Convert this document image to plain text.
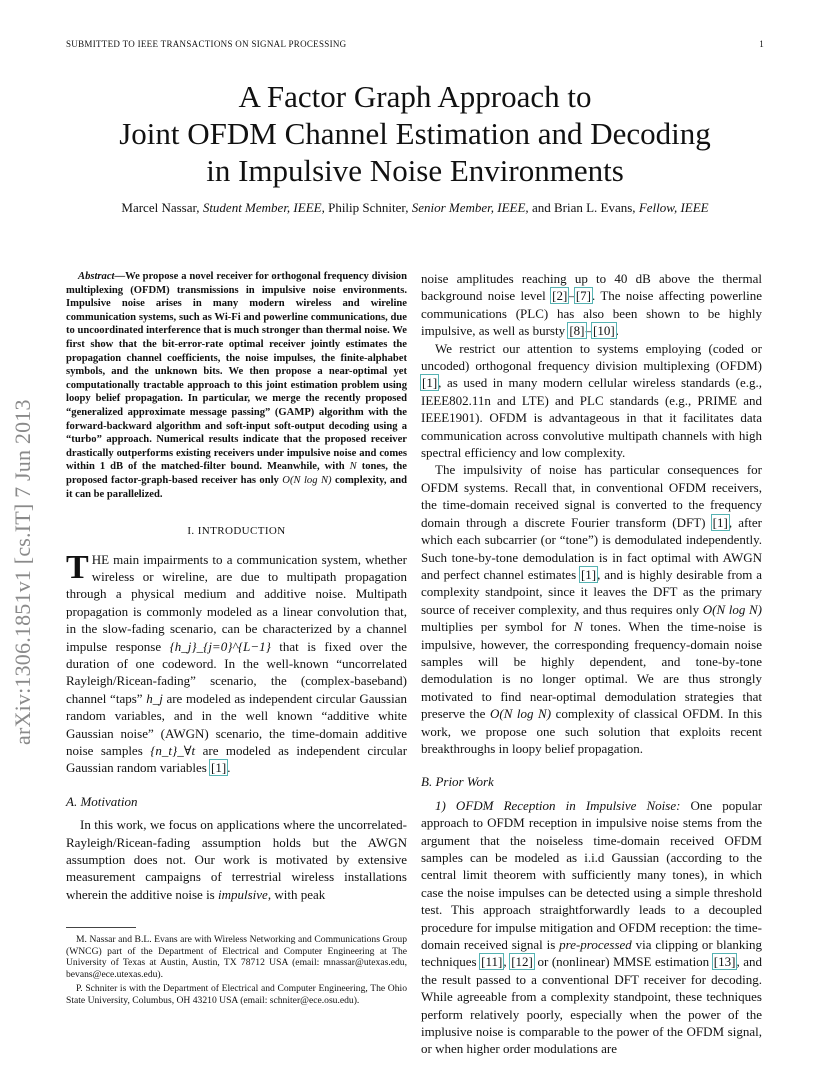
SUBMITTED TO IEEE TRANSACTIONS ON SIGNAL PROCESSING	1
A Factor Graph Approach to
Joint OFDM Channel Estimation and Decoding
in Impulsive Noise Environments
Marcel Nassar, Student Member, IEEE, Philip Schniter, Senior Member, IEEE, and Brian L. Evans, Fellow, IEEE
arXiv:1306.1851v1 [cs.IT] 7 Jun 2013

Abstract—We propose a novel receiver for orthogonal frequency division multiplexing (OFDM) transmissions in impulsive noise environments. Impulsive noise arises in many modern wireless and wireline communication systems, such as Wi-Fi and powerline communications, due to uncoordinated interference that is much stronger than thermal noise. We first show that the bit-error-rate optimal receiver jointly estimates the propagation channel coefficients, the noise impulses, the finite-alphabet symbols, and the unknown bits. We then propose a near-optimal yet computationally tractable approach to this joint estimation problem using loopy belief propagation. In particular, we merge the recently proposed “generalized approximate message passing” (GAMP) algorithm with the forward-backward algorithm and soft-input soft-output decoding using a “turbo” approach. Numerical results indicate that the proposed receiver drastically outperforms existing receivers under impulsive noise and comes within 1 dB of the matched-filter bound. Meanwhile, with N tones, the proposed factor-graph-based receiver has only O(N log N) complexity, and it can be parallelized.

I. INTRODUCTION

THE main impairments to a communication system, whether wireless or wireline, are due to multipath propagation through a physical medium and additive noise. Multipath propagation is commonly modeled as a linear convolution that, in the slow-fading scenario, can be characterized by a channel impulse response {h_j}_{j=0}^{L−1} that is fixed over the duration of one codeword. In the well-known “uncorrelated Rayleigh/Ricean-fading” scenario, the (complex-baseband) channel “taps” h_j are modeled as independent circular Gaussian random variables, and in the well known “additive white Gaussian noise” (AWGN) scenario, the time-domain additive noise samples {n_t}_∀t are modeled as independent circular Gaussian random variables [1].

A. Motivation

In this work, we focus on applications where the uncorrelated-Rayleigh/Ricean-fading assumption holds but the AWGN assumption does not. Our work is motivated by extensive measurement campaigns of terrestrial wireless installations wherein the additive noise is impulsive, with peak

M. Nassar and B.L. Evans are with Wireless Networking and Communications Group (WNCG) part of the Department of Electrical and Computer Engineering at The University of Texas at Austin, Austin, TX 78712 USA (email: mnassar@utexas.edu, bevans@ece.utexas.edu).

P. Schniter is with the Department of Electrical and Computer Engineering, The Ohio State University, Columbus, OH 43210 USA (email: schniter@ece.osu.edu).

noise amplitudes reaching up to 40 dB above the thermal background noise level [2]–[7]. The noise affecting powerline communications (PLC) has also been shown to be highly impulsive, as well as bursty [8]–[10].

We restrict our attention to systems employing (coded or uncoded) orthogonal frequency division multiplexing (OFDM) [1], as used in many modern cellular wireless standards (e.g., IEEE802.11n and LTE) and PLC standards (e.g., PRIME and IEEE1901). OFDM is advantageous in that it facilitates data communication across convolutive multipath channels with high spectral efficiency and low complexity.

The impulsivity of noise has particular consequences for OFDM systems. Recall that, in conventional OFDM receivers, the time-domain received signal is converted to the frequency domain through a discrete Fourier transform (DFT) [1], after which each subcarrier (or “tone”) is demodulated independently. Such tone-by-tone demodulation is in fact optimal with AWGN and perfect channel estimates [1], and is highly desirable from a complexity standpoint, since it leaves the DFT as the primary source of receiver complexity, and thus requires only O(N log N) multiplies per symbol for N tones. When the time-noise is impulsive, however, the corresponding frequency-domain noise samples will be highly dependent, and tone-by-tone demodulation is no longer optimal. We are thus strongly motivated to find near-optimal demodulation strategies that preserve the O(N log N) complexity of classical OFDM. In this work, we propose one such solution that exploits recent breakthroughs in loopy belief propagation.

B. Prior Work

1) OFDM Reception in Impulsive Noise: One popular approach to OFDM reception in impulsive noise stems from the argument that the noiseless time-domain received OFDM samples can be modeled as i.i.d Gaussian (according to the central limit theorem with sufficiently many tones), in which case the noise impulses can be detected using a simple threshold test. This approach straightforwardly leads to a decoupled procedure for impulse mitigation and OFDM reception: the time-domain received signal is pre-processed via clipping or blanking techniques [11], [12] or (nonlinear) MMSE estimation [13], and the result passed to a conventional DFT receiver for decoding. While agreeable from a complexity standpoint, these techniques perform relatively poorly, especially when the power of the implusive noise is comparable to the power of the OFDM signal, or when higher order modulations are
